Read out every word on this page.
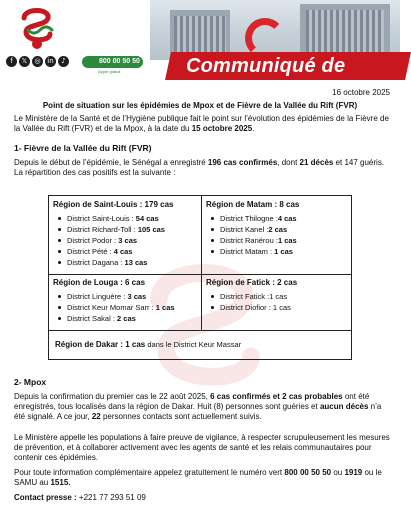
f	𝕏	◎ in	♪	800 00 50 50
Appel gratuit	Communiqué de presse	16 octobre 2025
Point de situation sur les épidémies de Mpox et de Fièvre de la Vallée du Rift (FVR)
Le Ministère de la Santé et de l’Hygiène publique fait le point sur l’évolution des épidémies de la Fièvre de la Vallée du Rift (FVR) et de la Mpox, à la date du 15 octobre 2025.
1- Fièvre de la Vallée du Rift (FVR)
Depuis le début de l’épidémie, le Sénégal a enregistré 196 cas confirmés, dont 21 décès et 147 guéris. La répartition des cas positifs est la suivante :
Région de Saint-Louis : 179 cas
District Saint-Louis : 54 cas
District Richard-Toll : 105 cas
District Podor : 3 cas
District Pété : 4 cas
District Dagana : 13 cas
Région de Matam : 8 cas
District Thilogne :4 cas
District Kanel :2 cas
District Ranérou :1 cas
District Matam : 1 cas
Région de Louga : 6 cas
District Linguère : 3 cas
District Keur Momar Sarr : 1 cas
District Sakal : 2 cas
Région de Fatick : 2 cas
District Fatick :1 cas
District Diofior : 1 cas
Région de Dakar : 1 cas dans le District Keur Massar
2- Mpox
Depuis la confirmation du premier cas le 22 août 2025, 6 cas confirmés et 2 cas probables ont été enregistrés, tous localisés dans la région de Dakar. Huit (8) personnes sont guéries et aucun décès n’a été signalé. A ce jour, 22 personnes contacts sont actuellement suivis.
Le Ministère appelle les populations à faire preuve de vigilance, à respecter scrupuleusement les mesures de prévention, et à collaborer activement avec les agents de santé et les relais communautaires pour contenir ces épidémies.
Pour toute information complémentaire appelez gratuitement le numéro vert 800 00 50 50 ou 1919 ou le SAMU au 1515.
Contact presse : +221 77 293 51 09
